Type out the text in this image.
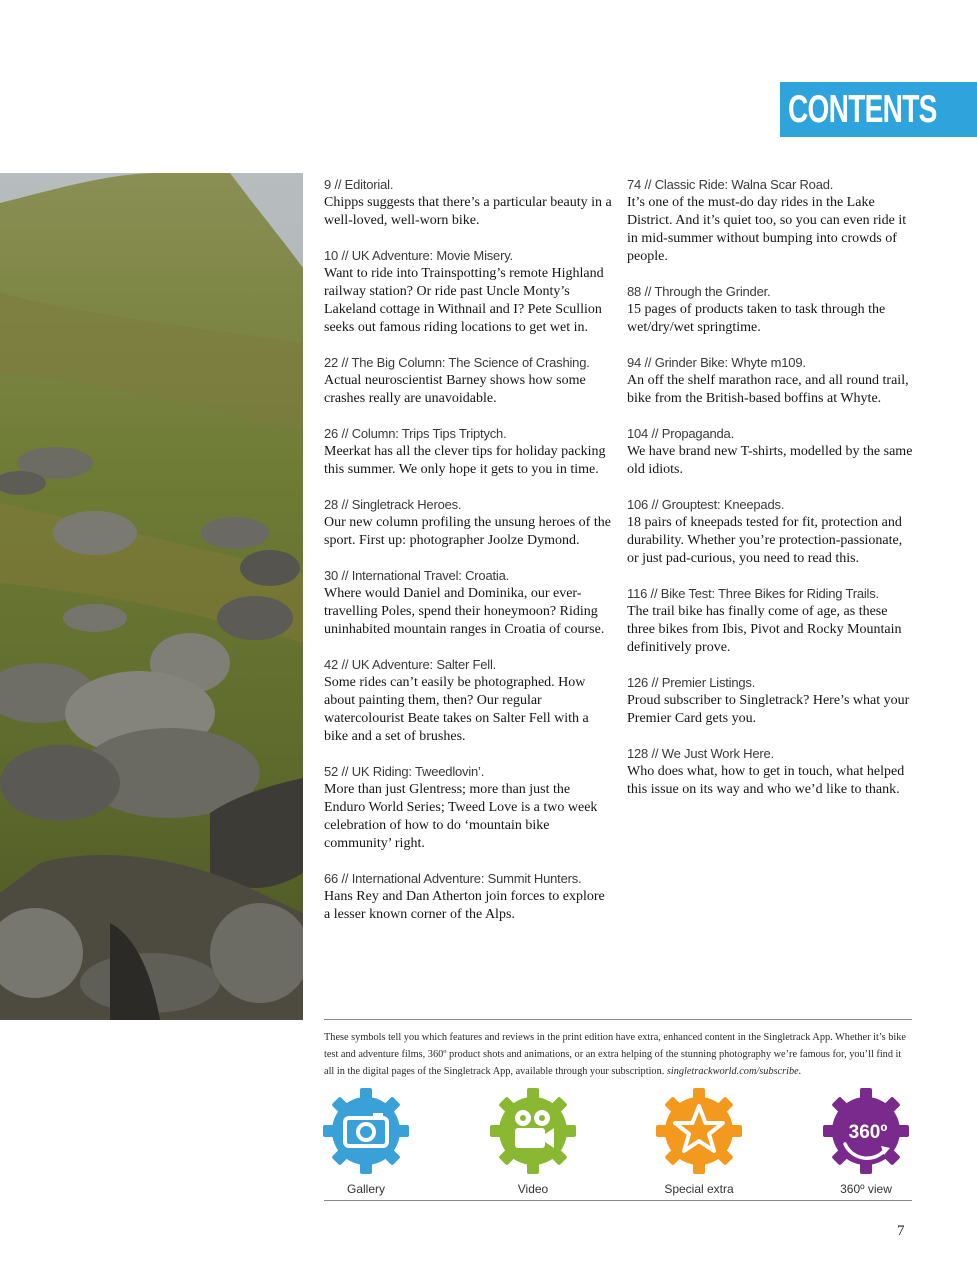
CONTENTS
9 // Editorial.
Chipps suggests that there’s a particular beauty in a well-loved, well-worn bike.
10 // UK Adventure: Movie Misery.
Want to ride into Trainspotting’s remote Highland railway station? Or ride past Uncle Monty’s Lakeland cottage in Withnail and I? Pete Scullion seeks out famous riding locations to get wet in.
22 // The Big Column: The Science of Crashing.
Actual neuroscientist Barney shows how some crashes really are unavoidable.
26 // Column: Trips Tips Triptych.
Meerkat has all the clever tips for holiday packing this summer. We only hope it gets to you in time.
28 // Singletrack Heroes.
Our new column profiling the unsung heroes of the sport. First up: photographer Joolze Dymond.
30 // International Travel: Croatia.
Where would Daniel and Dominika, our ever-travelling Poles, spend their honeymoon? Riding uninhabited mountain ranges in Croatia of course.
42 // UK Adventure: Salter Fell.
Some rides can’t easily be photographed. How about painting them, then? Our regular watercolourist Beate takes on Salter Fell with a bike and a set of brushes.
52 // UK Riding: Tweedlovin’.
More than just Glentress; more than just the Enduro World Series; Tweed Love is a two week celebration of how to do ‘mountain bike community’ right.
66 // International Adventure: Summit Hunters.
Hans Rey and Dan Atherton join forces to explore a lesser known corner of the Alps.
74 // Classic Ride: Walna Scar Road.
It’s one of the must-do day rides in the Lake District. And it’s quiet too, so you can even ride it in mid-summer without bumping into crowds of people.
88 // Through the Grinder.
15 pages of products taken to task through the wet/dry/wet springtime.
94 // Grinder Bike: Whyte m109.
An off the shelf marathon race, and all round trail, bike from the British-based boffins at Whyte.
104 // Propaganda.
We have brand new T-shirts, modelled by the same old idiots.
106 // Grouptest: Kneepads.
18 pairs of kneepads tested for fit, protection and durability. Whether you’re protection-passionate, or just pad-curious, you need to read this.
116 // Bike Test: Three Bikes for Riding Trails.
The trail bike has finally come of age, as these three bikes from Ibis, Pivot and Rocky Mountain definitively prove.
126 // Premier Listings.
Proud subscriber to Singletrack? Here’s what your Premier Card gets you.
128 // We Just Work Here.
Who does what, how to get in touch, what helped this issue on its way and who we’d like to thank.
These symbols tell you which features and reviews in the print edition have extra, enhanced content in the Singletrack App. Whether it’s bike test and adventure films, 360º product shots and animations, or an extra helping of the stunning photography we’re famous for, you’ll find it all in the digital pages of the Singletrack App, available through your subscription. singletrackworld.com/subscribe.
Gallery	Video	Special extra
360º
360º view
7
